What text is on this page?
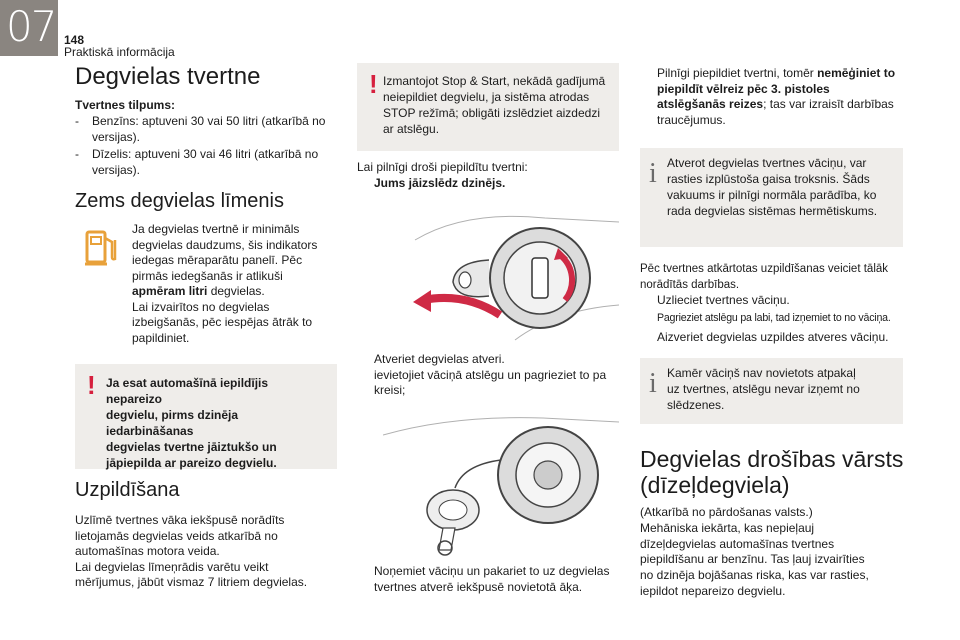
07 148
Praktiskā informācija
Degvielas tvertne
Tvertnes tilpums:
- Benzīns: aptuveni 30 vai 50 litri (atkarībā no versijas).
- Dīzelis: aptuveni 30 vai 46 litri (atkarībā no versijas).
Zems degvielas līmenis
Ja degvielas tvertnē ir minimāls
degvielas daudzums, šis indikators
iedegas mēraparātu panelī. Pēc
pirmās iedegšanās ir atlikuši
apmēram litri degvielas.
Lai izvairītos no degvielas
izbeigšanās, pēc iespējas ātrāk to
papildiniet.
! Ja esat automašīnā iepildījis nepareizo
degvielu, pirms dzinēja iedarbināšanas
degvielas tvertne jāiztukšo un
jāpiepilda ar pareizo degvielu.
Uzpildīšana
Uzlīmē tvertnes vāka iekšpusē norādīts
lietojamās degvielas veids atkarībā no
automašīnas motora veida.
Lai degvielas līmeņrādis varētu veikt
mērījumus, jābūt vismaz 7 litriem degvielas.
! Izmantojot Stop & Start, nekādā gadījumā
neiepildiet degvielu, ja sistēma atrodas
STOP režīmā; obligāti izslēdziet aizdedzi
ar atslēgu.
Lai pilnīgi droši piepildītu tvertni:
Jums jāizslēdz dzinējs.
Atveriet degvielas atveri.
ievietojiet vāciņā atslēgu un pagrieziet to pa kreisi;
Noņemiet vāciņu un pakariet to uz degvielas tvertnes atverē iekšpusē novietotā āķa.
Pilnīgi piepildiet tvertni, tomēr nemēģiniet to piepildīt vēlreiz pēc 3. pistoles atslēgšanās reizes; tas var izraisīt darbības traucējumus.
i Atverot degvielas tvertnes vāciņu, var
rasties izplūstoša gaisa troksnis. Šāds
vakuums ir pilnīgi normāla parādība, ko
rada degvielas sistēmas hermētiskums.
Pēc tvertnes atkārtotas uzpildīšanas veiciet tālāk
norādītās darbības.
Uzlieciet tvertnes vāciņu.
Pagrieziet atslēgu pa labi, tad izņemiet to no vāciņa.
Aizveriet degvielas uzpildes atveres vāciņu.
i Kamēr vāciņš nav novietots atpakaļ
uz tvertnes, atslēgu nevar izņemt no
slēdzenes.
Degvielas drošības vārsts
(dīzeļdegviela)
(Atkarībā no pārdošanas valsts.)
Mehāniska iekārta, kas nepieļauj
dīzeļdegvielas automašīnas tvertnes
piepildīšanu ar benzīnu. Tas ļauj izvairīties
no dzinēja bojāšanas riska, kas var rasties,
iepildot nepareizo degvielu.
